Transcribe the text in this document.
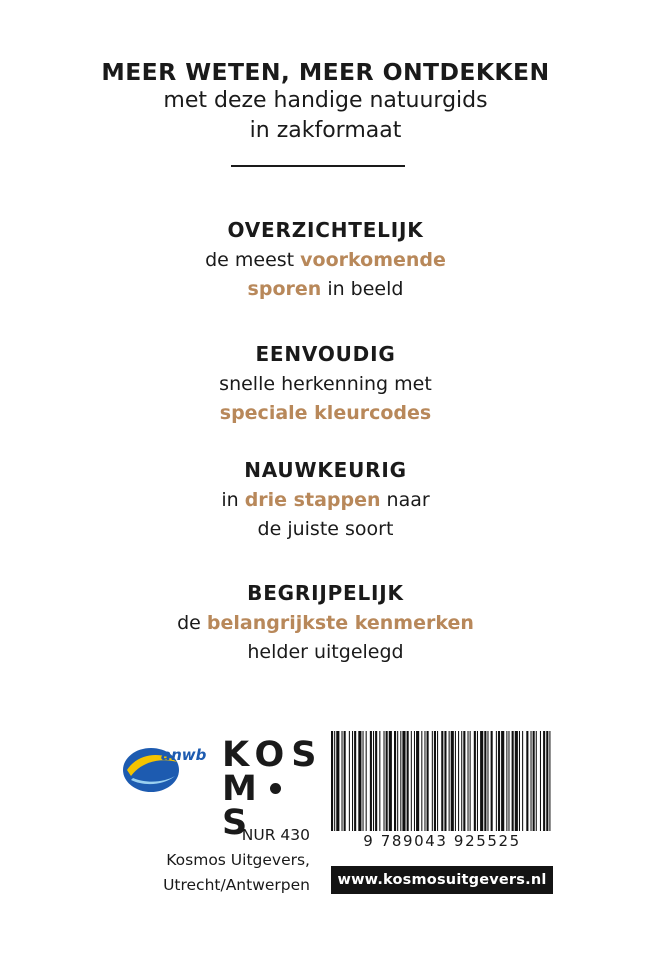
MEER WETEN, MEER ONTDEKKEN
met deze handige natuurgids
in zakformaat
OVERZICHTELIJK
de meest voorkomende
sporen in beeld
EENVOUDIG
snelle herkenning met
speciale kleurcodes
NAUWKEURIG
in drie stappen naar
de juiste soort
BEGRIJPELIJK
de belangrijkste kenmerken
helder uitgelegd
anwb KOS
MS
NUR 430
Kosmos Uitgevers,
Utrecht/Antwerpen
9 789043 925525
www.kosmosuitgevers.nl
